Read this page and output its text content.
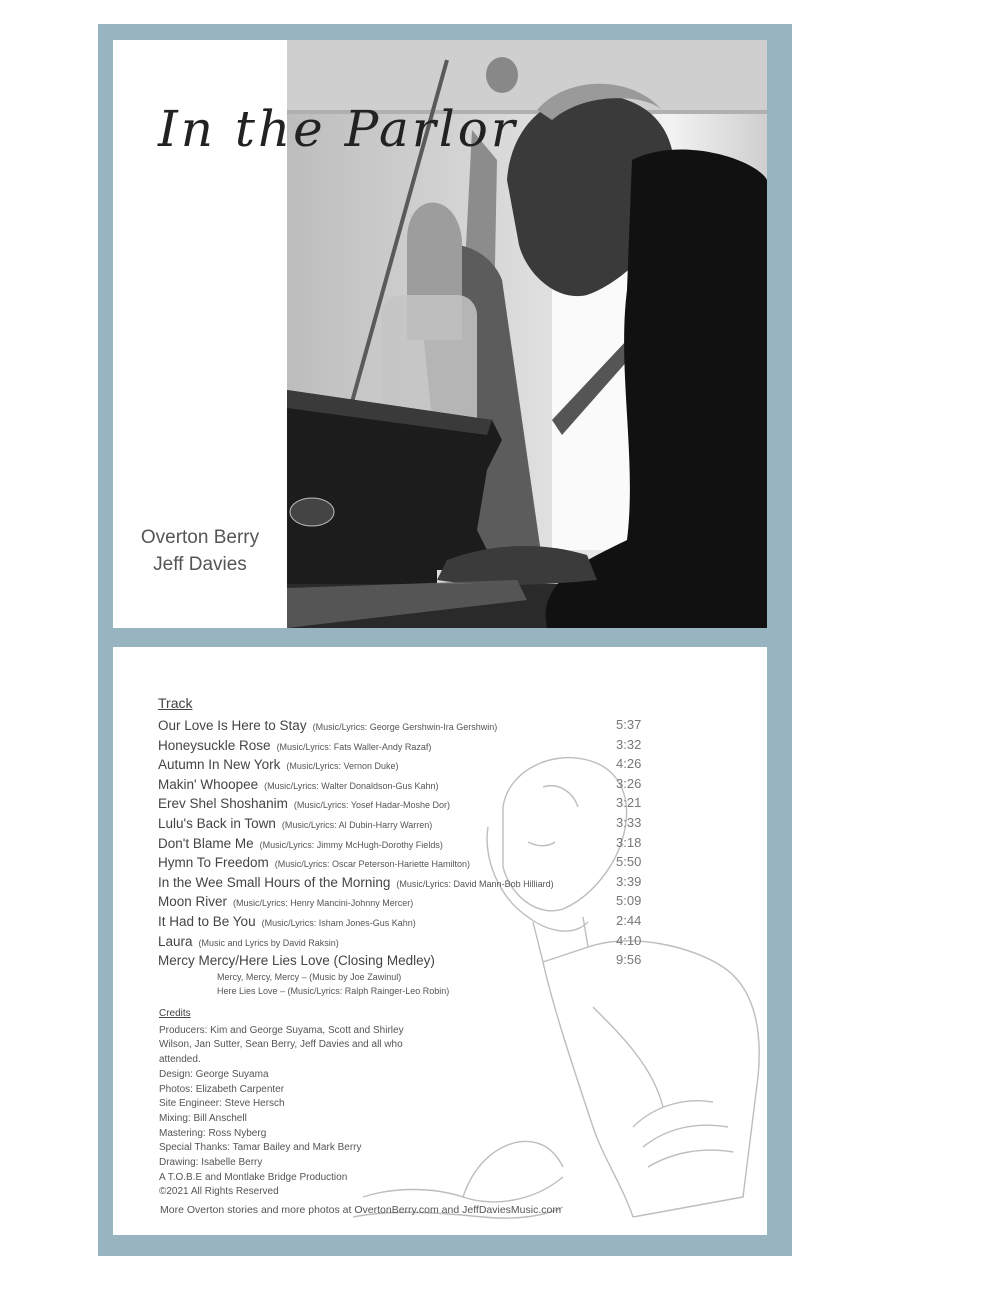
In the Parlor
Overton Berry
Jeff Davies
Track
Our Love Is Here to Stay (Music/Lyrics: George Gershwin-Ira Gershwin)	5:37
Honeysuckle Rose (Music/Lyrics: Fats Waller-Andy Razaf)	3:32
Autumn In New York (Music/Lyrics: Vernon Duke)	4:26
Makin' Whoopee (Music/Lyrics: Walter Donaldson-Gus Kahn)	3:26
Erev Shel Shoshanim (Music/Lyrics: Yosef Hadar-Moshe Dor)	3:21
Lulu's Back in Town (Music/Lyrics: Al Dubin-Harry Warren)	3:33
Don't Blame Me (Music/Lyrics: Jimmy McHugh-Dorothy Fields)	3:18
Hymn To Freedom (Music/Lyrics: Oscar Peterson-Hariette Hamilton)	5:50
In the Wee Small Hours of the Morning (Music/Lyrics: David Mann-Bob Hilliard)	3:39
Moon River (Music/Lyrics: Henry Mancini-Johnny Mercer)	5:09
It Had to Be You (Music/Lyrics: Isham Jones-Gus Kahn)	2:44
Laura (Music and Lyrics by David Raksin)	4:10
Mercy Mercy/Here Lies Love (Closing Medley)	9:56
Mercy, Mercy, Mercy – (Music by Joe Zawinul)
Here Lies Love – (Music/Lyrics: Ralph Rainger-Leo Robin)
Credits
Producers: Kim and George Suyama, Scott and Shirley
Wilson, Jan Sutter, Sean Berry, Jeff Davies and all who
attended.
Design: George Suyama
Photos: Elizabeth Carpenter
Site Engineer: Steve Hersch
Mixing: Bill Anschell
Mastering: Ross Nyberg
Special Thanks: Tamar Bailey and Mark Berry
Drawing: Isabelle Berry
A T.O.B.E and Montlake Bridge Production
©2021 All Rights Reserved
More Overton stories and more photos at OvertonBerry.com and JeffDaviesMusic.com
